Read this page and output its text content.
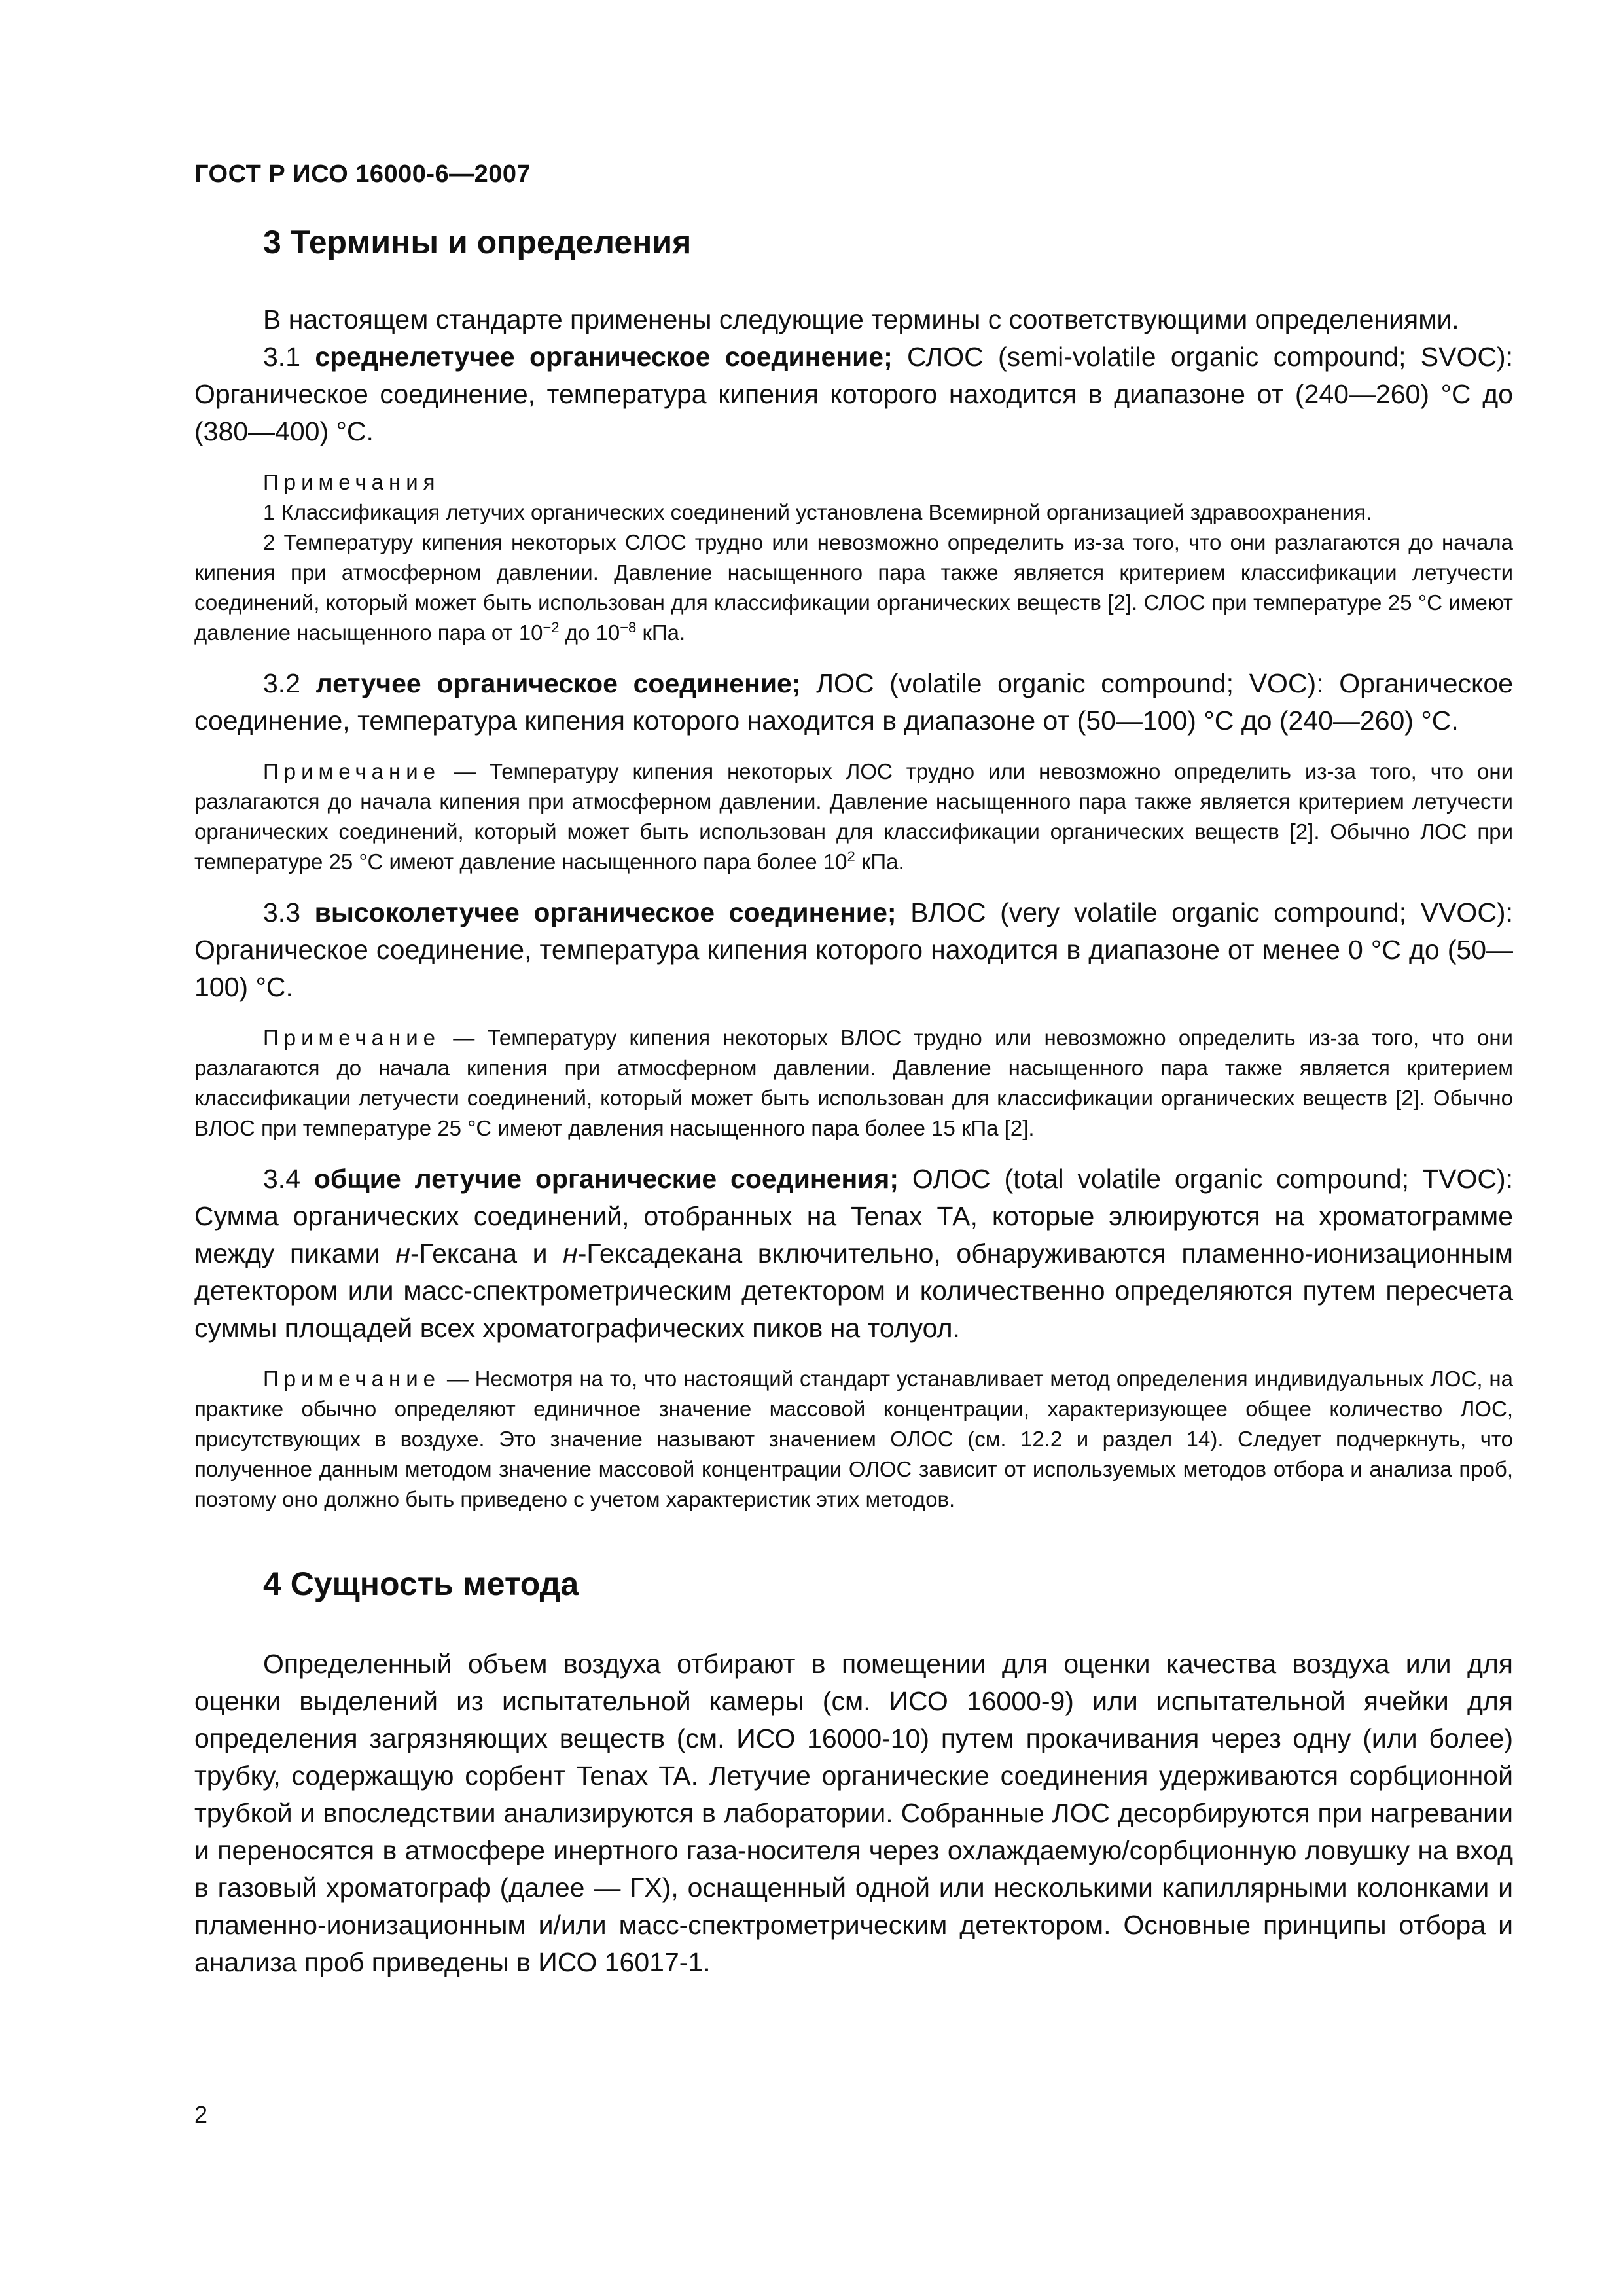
ГОСТ Р ИСО 16000-6—2007
3 Термины и определения

В настоящем стандарте применены следующие термины с соответствующими определениями.

3.1 среднелетучее органическое соединение; СЛОС (semi-volatile organic compound; SVOC): Органическое соединение, температура кипения которого находится в диапазоне от (240—260) °С до (380—400) °С.

Примечания

1 Классификация летучих органических соединений установлена Всемирной организацией здравоохранения.

2 Температуру кипения некоторых СЛОС трудно или невозможно определить из-за того, что они разлагаются до начала кипения при атмосферном давлении. Давление насыщенного пара также является критерием классификации летучести соединений, который может быть использован для классификации органических веществ [2]. СЛОС при температуре 25 °С имеют давление насыщенного пара от $10^{-2}$ до $10^{-8}$ кПа.

3.2 летучее органическое соединение; ЛОС (volatile organic compound; VOC): Органическое соединение, температура кипения которого находится в диапазоне от (50—100) °С до (240—260) °С.

Примечание — Температуру кипения некоторых ЛОС трудно или невозможно определить из-за того, что они разлагаются до начала кипения при атмосферном давлении. Давление насыщенного пара также является критерием летучести органических соединений, который может быть использован для классификации органических веществ [2]. Обычно ЛОС при температуре 25 °С имеют давление насыщенного пара более $10^2$ кПа.

3.3 высоколетучее органическое соединение; ВЛОС (very volatile organic compound; VVOC): Органическое соединение, температура кипения которого находится в диапазоне от менее 0 °С до (50—100) °С.

Примечание — Температуру кипения некоторых ВЛОС трудно или невозможно определить из-за того, что они разлагаются до начала кипения при атмосферном давлении. Давление насыщенного пара также является критерием классификации летучести соединений, который может быть использован для классификации органических веществ [2]. Обычно ВЛОС при температуре 25 °С имеют давления насыщенного пара более 15 кПа [2].

3.4 общие летучие органические соединения; ОЛОС (total volatile organic compound; TVOC): Сумма органических соединений, отобранных на Tenax ТА, которые элюируются на хроматограмме между пиками н-Гексана и н-Гексадекана включительно, обнаруживаются пламенно-ионизационным детектором или масс-спектрометрическим детектором и количественно определяются путем пересчета суммы площадей всех хроматографических пиков на толуол.

Примечание — Несмотря на то, что настоящий стандарт устанавливает метод определения индивидуальных ЛОС, на практике обычно определяют единичное значение массовой концентрации, характеризующее общее количество ЛОС, присутствующих в воздухе. Это значение называют значением ОЛОС (см. 12.2 и раздел 14). Следует подчеркнуть, что полученное данным методом значение массовой концентрации ОЛОС зависит от используемых методов отбора и анализа проб, поэтому оно должно быть приведено с учетом характеристик этих методов.

4 Сущность метода

Определенный объем воздуха отбирают в помещении для оценки качества воздуха или для оценки выделений из испытательной камеры (см. ИСО 16000-9) или испытательной ячейки для определения загрязняющих веществ (см. ИСО 16000-10) путем прокачивания через одну (или более) трубку, содержащую сорбент Tenax TA. Летучие органические соединения удерживаются сорбционной трубкой и впоследствии анализируются в лаборатории. Собранные ЛОС десорбируются при нагревании и переносятся в атмосфере инертного газа-носителя через охлаждаемую/сорбционную ловушку на вход в газовый хроматограф (далее — ГХ), оснащенный одной или несколькими капиллярными колонками и пламенно-ионизационным и/или масс-спектрометрическим детектором. Основные принципы отбора и анализа проб приведены в ИСО 16017-1.

2
